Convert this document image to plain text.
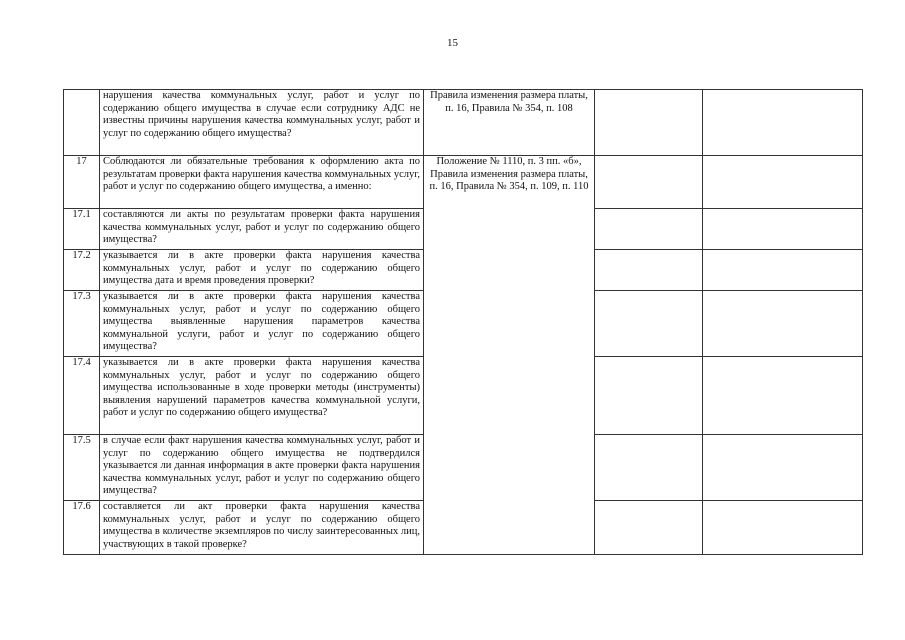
15
	нарушения качества коммунальных услуг, работ и услуг по содержанию общего имущества в случае если сотруднику АДС не известны причины нарушения качества коммунальных услуг, работ и услуг по содержанию общего имущества?	Правила изменения размера платы, п. 16, Правила № 354, п. 108		
17	Соблюдаются ли обязательные требования к оформлению акта по результатам проверки факта нарушения качества коммунальных услуг, работ и услуг по содержанию общего имущества, а именно:	Положение № 1110, п. 3 пп. «б», Правила изменения размера платы, п. 16, Правила № 354, п. 109, п. 110		
17.1	составляются ли акты по результатам проверки факта нарушения качества коммунальных услуг, работ и услуг по содержанию общего имущества?			
17.2	указывается ли в акте проверки факта нарушения качества коммунальных услуг, работ и услуг по содержанию общего имущества дата и время проведения проверки?			
17.3	указывается ли в акте проверки факта нарушения качества коммунальных услуг, работ и услуг по содержанию общего имущества выявленные нарушения параметров качества коммунальной услуги, работ и услуг по содержанию общего имущества?			
17.4	указывается ли в акте проверки факта нарушения качества коммунальных услуг, работ и услуг по содержанию общего имущества использованные в ходе проверки методы (инструменты) выявления нарушений параметров качества коммунальной услуги, работ и услуг по содержанию общего имущества?			
17.5	в случае если факт нарушения качества коммунальных услуг, работ и услуг по содержанию общего имущества не подтвердился указывается ли данная информация в акте проверки факта нарушения качества коммунальных услуг, работ и услуг по содержанию общего имущества?			
17.6	составляется ли акт проверки факта нарушения качества коммунальных услуг, работ и услуг по содержанию общего имущества в количестве экземпляров по числу заинтересованных лиц, участвующих в такой проверке?			
